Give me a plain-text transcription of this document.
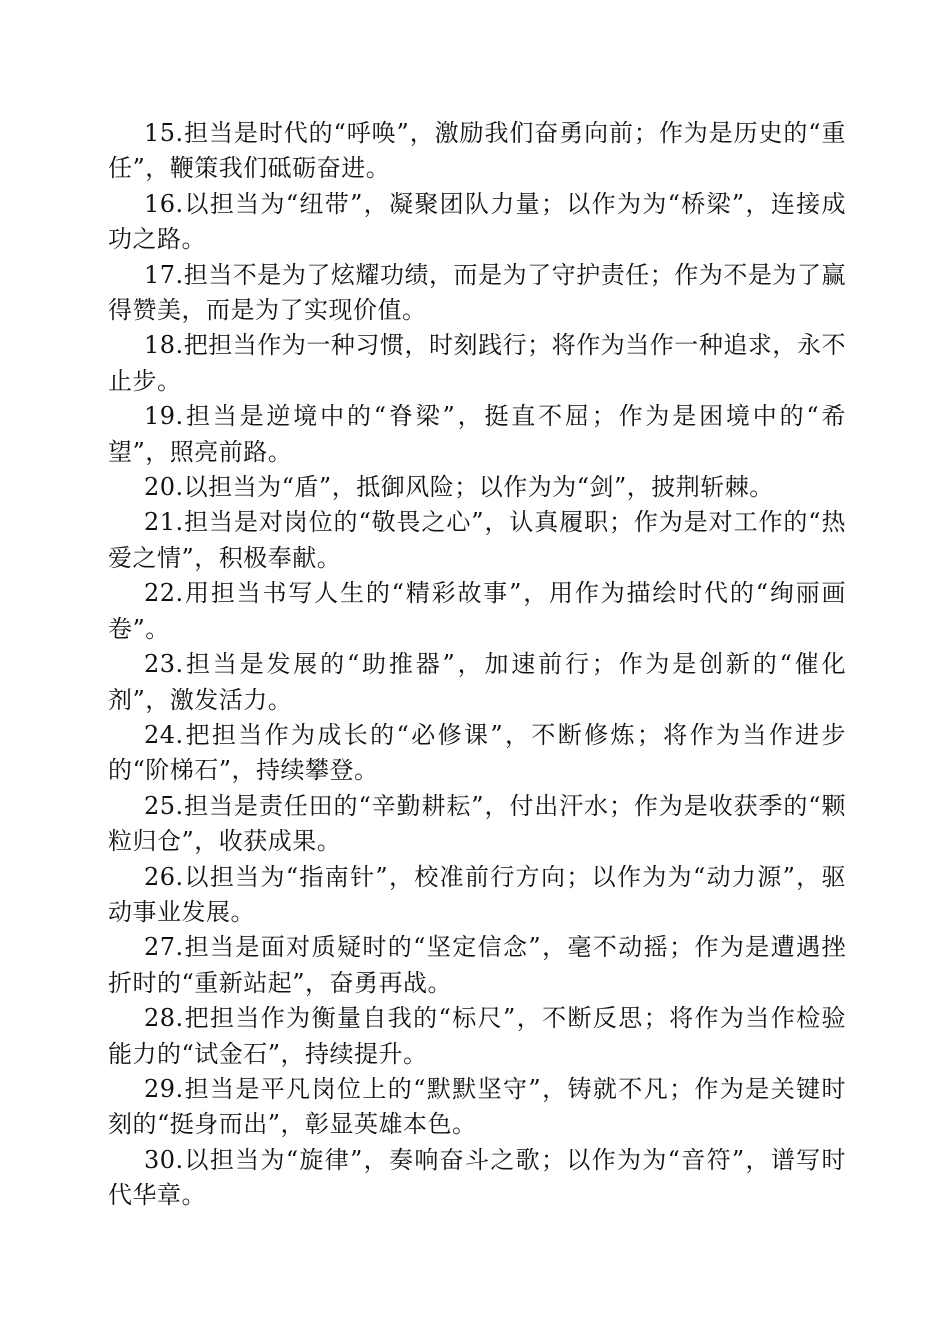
15.担当是时代的“呼唤”，激励我们奋勇向前；作为是历史的“重任”，鞭策我们砥砺奋进。

16.以担当为“纽带”，凝聚团队力量；以作为为“桥梁”，连接成功之路。

17.担当不是为了炫耀功绩，而是为了守护责任；作为不是为了赢得赞美，而是为了实现价值。

18.把担当作为一种习惯，时刻践行；将作为当作一种追求，永不止步。

19.担当是逆境中的“脊梁”，挺直不屈；作为是困境中的“希望”，照亮前路。

20.以担当为“盾”，抵御风险；以作为为“剑”，披荆斩棘。

21.担当是对岗位的“敬畏之心”，认真履职；作为是对工作的“热爱之情”，积极奉献。

22.用担当书写人生的“精彩故事”，用作为描绘时代的“绚丽画卷”。

23.担当是发展的“助推器”，加速前行；作为是创新的“催化剂”，激发活力。

24.把担当作为成长的“必修课”，不断修炼；将作为当作进步的“阶梯石”，持续攀登。

25.担当是责任田的“辛勤耕耘”，付出汗水；作为是收获季的“颗粒归仓”，收获成果。

26.以担当为“指南针”，校准前行方向；以作为为“动力源”，驱动事业发展。

27.担当是面对质疑时的“坚定信念”，毫不动摇；作为是遭遇挫折时的“重新站起”，奋勇再战。

28.把担当作为衡量自我的“标尺”，不断反思；将作为当作检验能力的“试金石”，持续提升。

29.担当是平凡岗位上的“默默坚守”，铸就不凡；作为是关键时刻的“挺身而出”，彰显英雄本色。

30.以担当为“旋律”，奏响奋斗之歌；以作为为“音符”，谱写时代华章。
